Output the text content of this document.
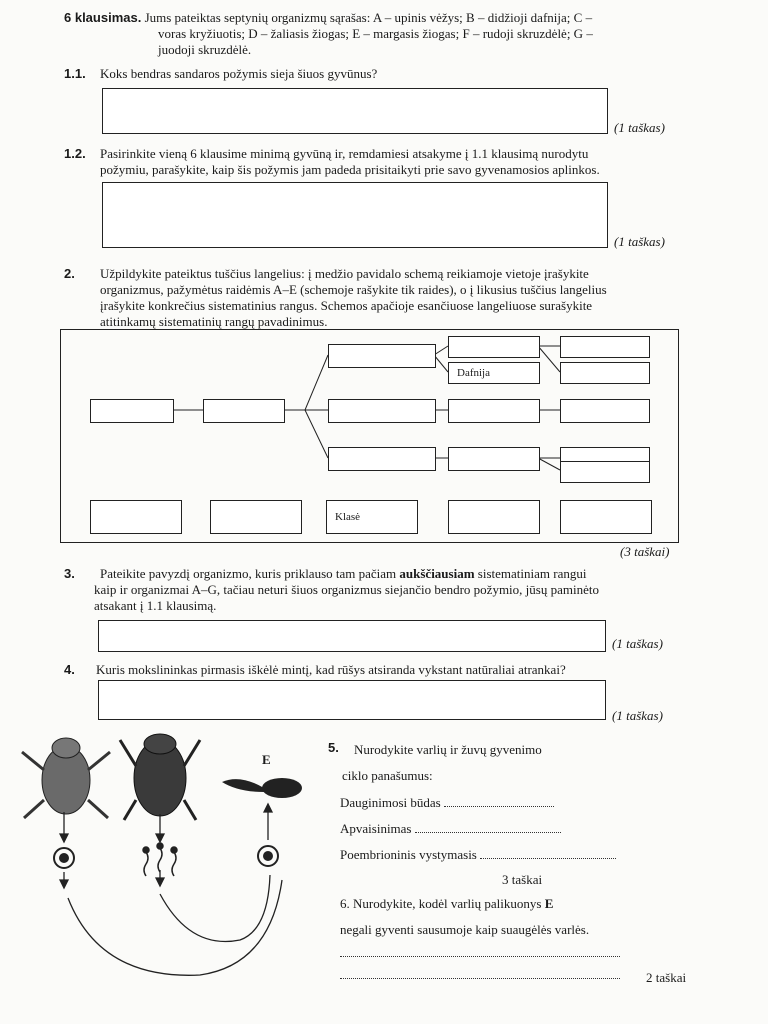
6 klausimas. Jums pateiktas septynių organizmų sąrašas: A – upinis vėžys; B – didžioji dafnija; C –
voras kryžiuotis; D – žaliasis žiogas; E – margasis žiogas; F – rudoji skruzdėlė; G –
juodoji skruzdėlė.
1.1. Koks bendras sandaros požymis sieja šiuos gyvūnus?
(1 taškas)
1.2. Pasirinkite vieną 6 klausime minimą gyvūną ir, remdamiesi atsakyme į 1.1 klausimą nurodytu
požymiu, parašykite, kaip šis požymis jam padeda prisitaikyti prie savo gyvenamosios aplinkos.
(1 taškas)
2. Užpildykite pateiktus tuščius langelius: į medžio pavidalo schemą reikiamoje vietoje įrašykite
organizmus, pažymėtus raidėmis A–E (schemoje rašykite tik raides), o į likusius tuščius langelius
įrašykite konkrečius sistematinius rangus. Schemos apačioje esančiuose langeliuose surašykite
atitinkamų sistematinių rangų pavadinimus.
Dafnija
Klasė
(3 taškai)
3. Pateikite pavyzdį organizmo, kuris priklauso tam pačiam aukščiausiam sistematiniam rangui
kaip ir organizmai A–G, tačiau neturi šiuos organizmus siejančio bendro požymio, jūsų paminėto
atsakant į 1.1 klausimą.
(1 taškas)
4. Kuris mokslininkas pirmasis iškėlė mintį, kad rūšys atsiranda vykstant natūraliai atrankai?
(1 taškas)
E
5. Nurodykite varlių ir žuvų gyvenimo
ciklo panašumus:
Dauginimosi būdas
Apvaisinimas
Poembrioninis vystymasis
3 taškai
6. Nurodykite, kodėl varlių palikuonys E
negali gyventi sausumoje kaip suaugėlės varlės.
2 taškai
